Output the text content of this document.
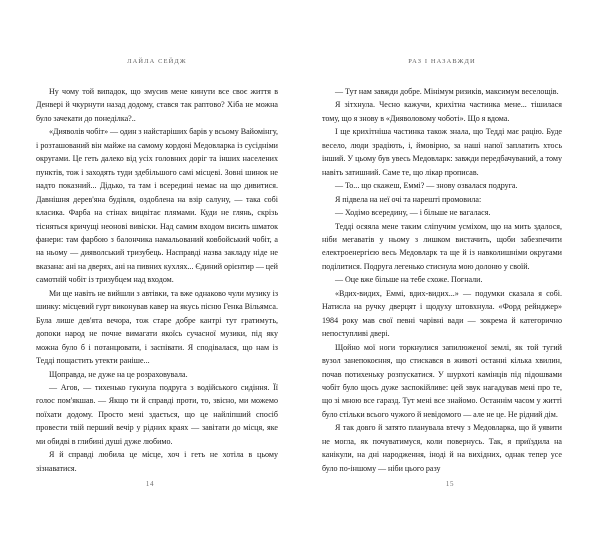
ЛАЙЛА СЕЙДЖ

Ну чому той випадок, що змусив мене кинути все своє життя в Денвері й чкурнути назад додому, стався так раптово? Хіба не можна було зачекати до понеділка?..

«Дияволів чобіт» — один з найстаріших барів у всьому Вайомінгу, і розташований він майже на самому кордоні Медовларка із сусідніми округами. Це геть далеко від усіх головних доріг та інших населених пунктів, тож і заходять туди здебільшого самі місцеві. Зовні шинок не надто показний... Дідько, та там і всередині немає на що дивитися. Давнішня дерев'яна будівля, оздоблена на взір салуну, — така собі класика. Фарба на стінах вицвітає плямами. Куди не глянь, скрізь тісняться кричущі неонові вивіски. Над самим входом висить шматок фанери: там фарбою з балончика намальований ковбойський чобіт, а на ньому — дияволський тризубець. Насправді назва закладу ніде не вказана: ані на дверях, ані на пивних кухлях... Єдиний орієнтир — цей самотній чобіт із тризубцем над входом.

Ми ще навіть не вийшли з автівки, та вже однаково чули музику із шинку: місцевий гурт виконував кавер на якусь пісню Генка Вільямса. Була лише дев'ята вечора, тож старе добре кантрі тут гратимуть, допоки народ не почне вимагати якоїсь сучасної музики, під яку можна було б і потанцювати, і заспівати. Я сподівалася, що нам із Тедді пощастить утекти раніше...

Щоправда, не дуже на це розраховувала.

— Агов, — тихенько гукнула подруга з водійського сидіння. Її голос пом'якшав. — Якщо ти й справді проти, то, звісно, ми можемо поїхати додому. Просто мені здається, що це найліпший спосіб провести твій перший вечір у рідних краях — завітати до місця, яке ми обидві в глибині душі дуже любимо.

Я й справді любила це місце, хоч і геть не хотіла в цьому зізнаватися.

14
РАЗ І НАЗАВЖДИ

— Тут нам завжди добре. Мінімум ризиків, максимум веселощів.

Я зітхнула. Чесно кажучи, крихітна частинка мене... тішилася тому, що я знову в «Дияволовому чоботі». Що я вдома.

І ще крихітніша частинка також знала, що Тедді має рацію. Буде весело, люди зрадіють, і, ймовірно, за наші напої заплатить хтось інший. У цьому був увесь Медовларк: завжди передбачуваний, а тому навіть затишний. Саме те, що лікар прописав.

— То... що скажеш, Еммі? — знову озвалася подруга.

Я підвела на неї очі та нарешті промовила:

— Ходімо всередину, — і більше не вагалася.

Тедді осяяла мене таким сліпучим усміхом, що на мить здалося, ніби мегаватів у ньому з лишком вистачить, щоби забезпечити електроенергією весь Медовларк та ще й із навколишніми округами поділитися. Подруга легенько стиснула мою долоню у своїй.

— Оце вже більше на тебе схоже. Погнали.

«Вдих-видих, Еммі, вдих-видих...» — подумки сказала я собі. Натисла на ручку дверцят і щодуху штовхнула. «Форд рейнджер» 1984 року мав свої певні чарівні вади — зокрема й категорично непоступливі двері.

Щойно мої ноги торкнулися запилюженої землі, як той тугий вузол занепокоєння, що стискався в животі останні кілька хвилин, почав потихеньку розпускатися. У шурхоті камінців під підошвами чобіт було щось дуже заспокійливе: цей звук нагадував мені про те, що зі мною все гаразд. Тут мені все знайомо. Останнім часом у житті було стільки всього чужого й невідомого — але не це. Не рідний дім.

Я так довго й затято планувала втечу з Медовларка, що й уявити не могла, як почуватимуся, коли повернусь. Так, я приїздила на канікули, на дні народження, іноді й на вихідних, однак тепер усе було по-іншому — ніби цього разу

15
